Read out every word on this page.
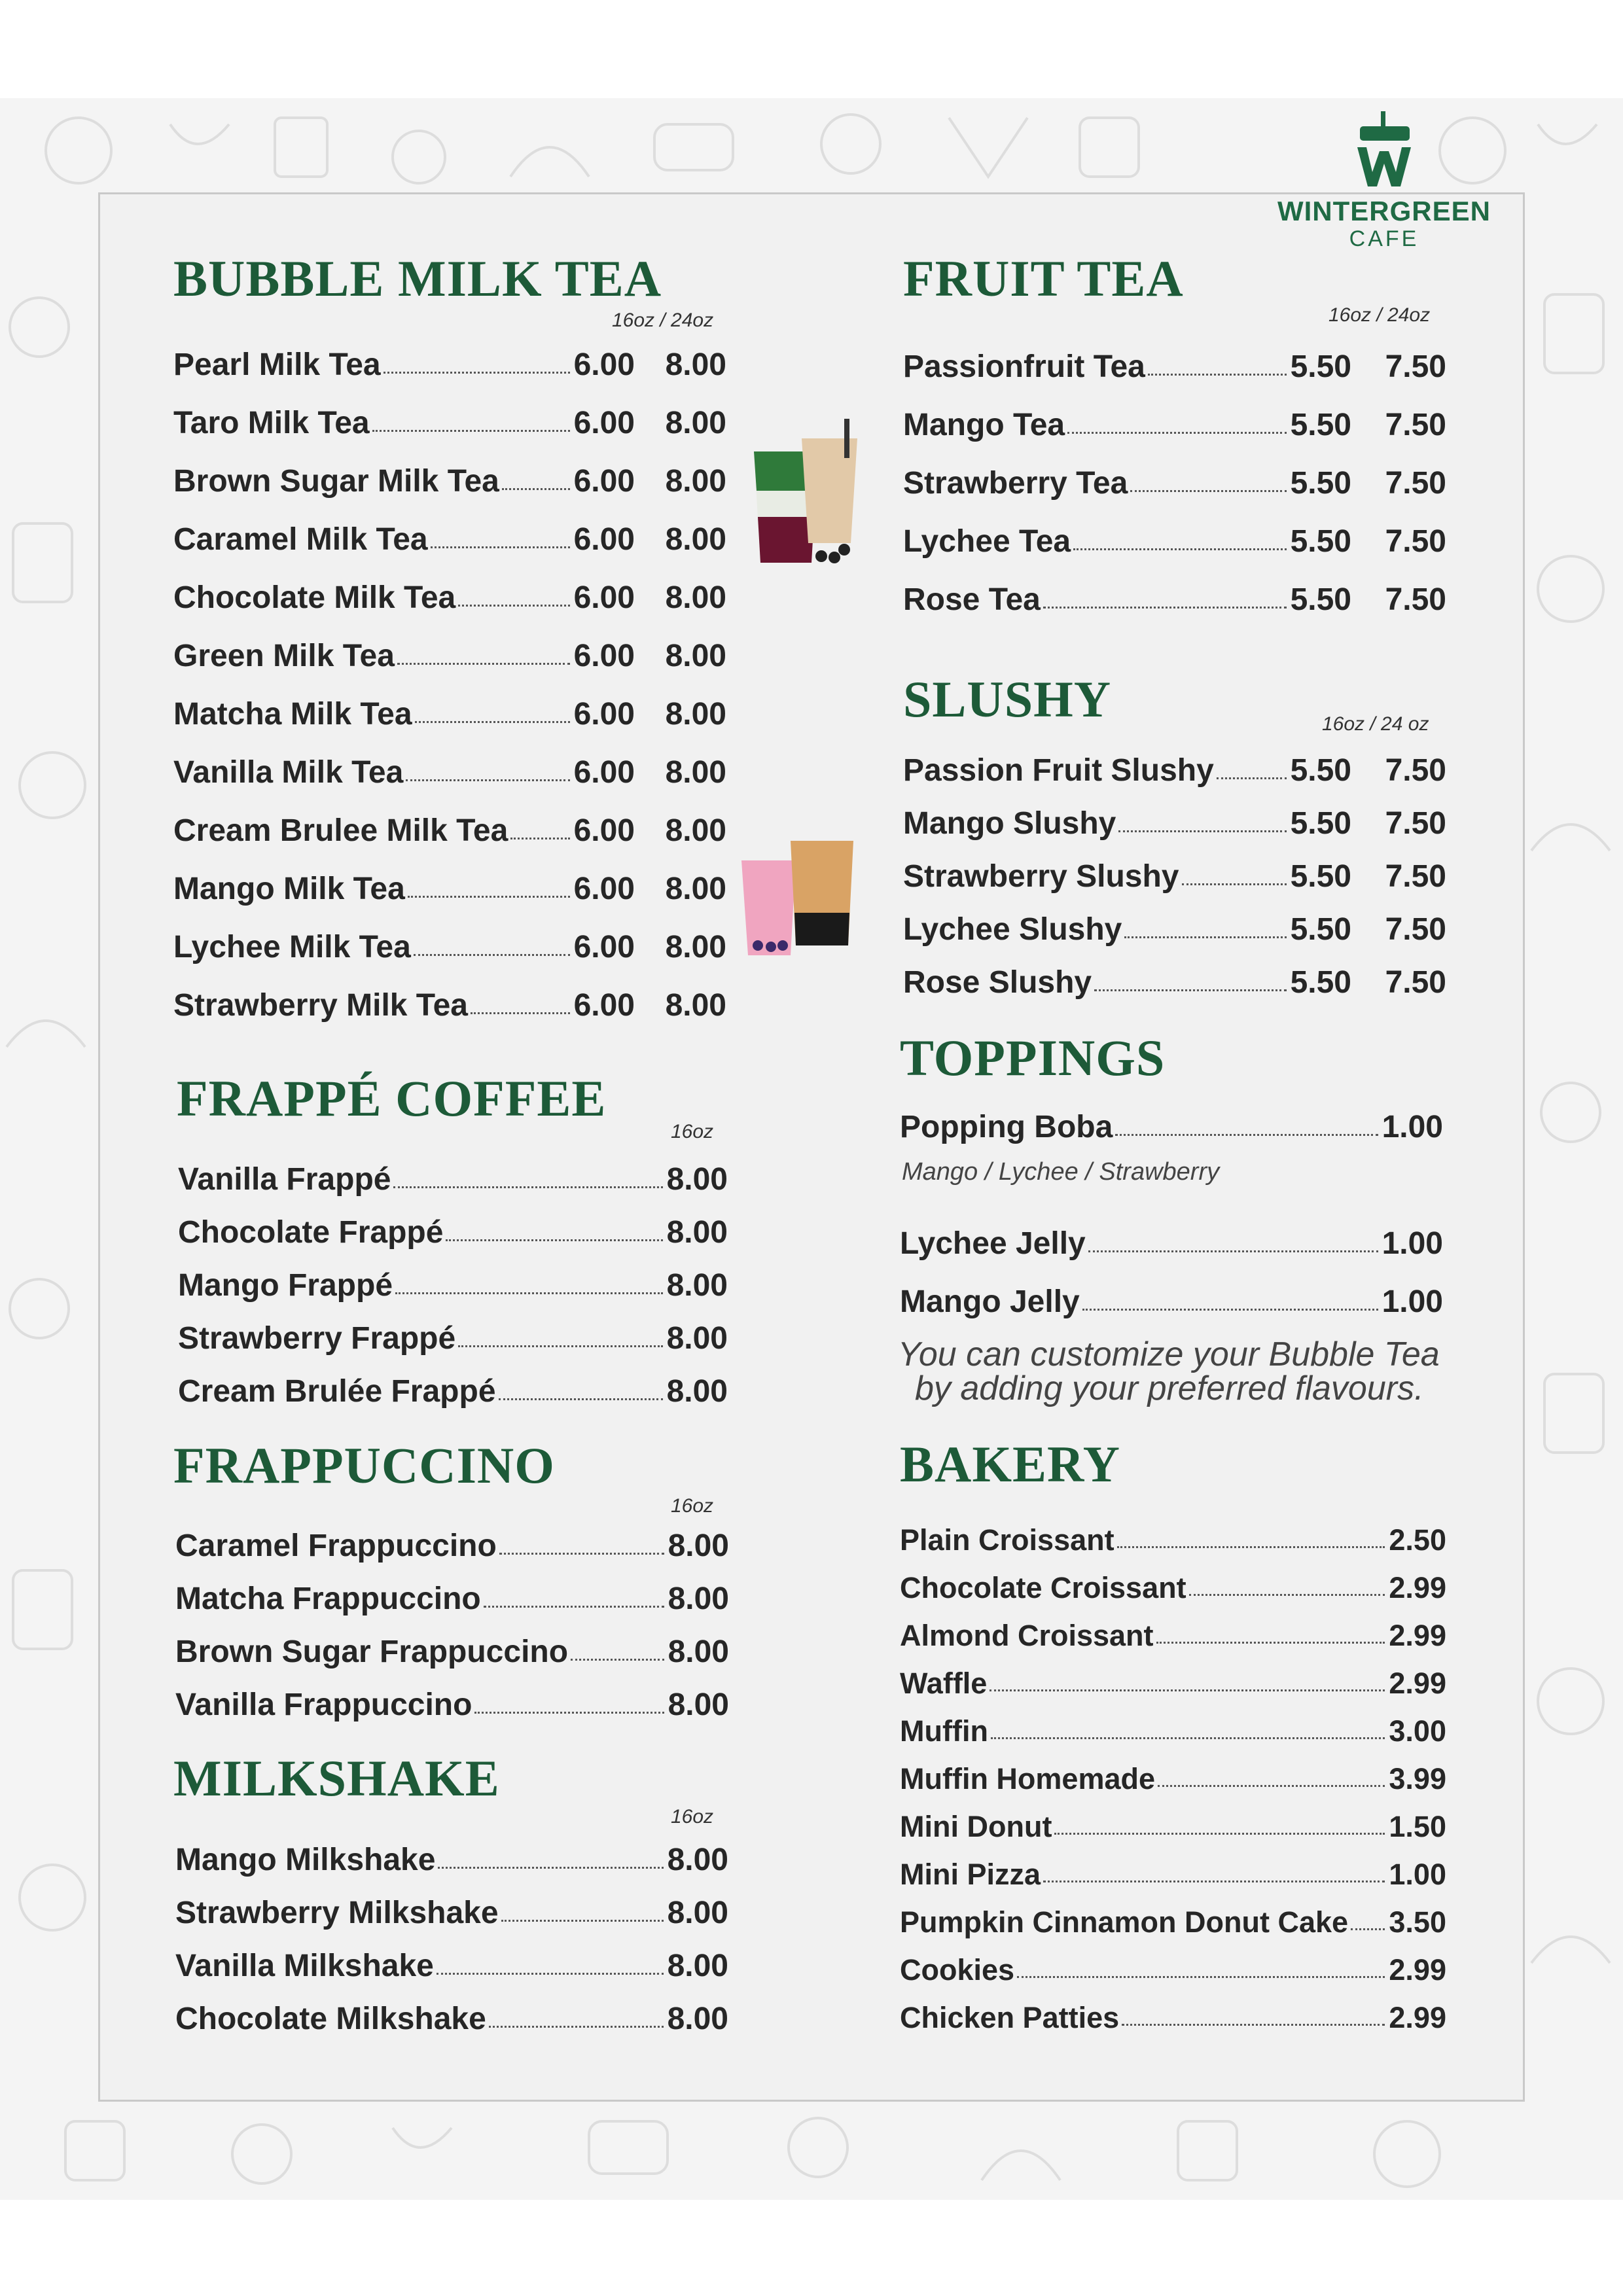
WINTERGREEN
CAFE
BUBBLE MILK TEA
16oz / 24oz
Pearl Milk Tea	6.00 8.00
Taro Milk Tea	6.00 8.00
Brown Sugar Milk Tea 6.00 8.00
Caramel Milk Tea	6.00 8.00
Chocolate Milk Tea	6.00 8.00
Green Milk Tea	6.00 8.00
Matcha Milk Tea	6.00 8.00
Vanilla Milk Tea	6.00 8.00
Cream Brulee Milk Tea 6.00 8.00
Mango Milk Tea	6.00 8.00
Lychee Milk Tea	6.00 8.00
Strawberry Milk Tea	6.00 8.00
FRAPPÉ COFFEE
16oz
Vanilla Frappé	8.00
Chocolate Frappé	8.00
Mango Frappé	8.00
Strawberry Frappé	8.00
Cream Brulée Frappé	8.00
FRAPPUCCINO
16oz
Caramel Frappuccino	8.00
Matcha Frappuccino	8.00
Brown Sugar Frappuccino	8.00
Vanilla Frappuccino	8.00
MILKSHAKE
16oz
Mango Milkshake	8.00
Strawberry Milkshake	8.00
Vanilla Milkshake	8.00
Chocolate Milkshake	8.00
FRUIT TEA
16oz / 24oz
Passionfruit Tea	5.50	7.50
Mango Tea	5.50	7.50
Strawberry Tea	5.50	7.50
Lychee Tea	5.50	7.50
Rose Tea	5.50	7.50
SLUSHY	16oz / 24 oz
Passion Fruit Slushy 5.50	7.50
Mango Slushy	5.50	7.50
Strawberry Slushy	5.50	7.50
Lychee Slushy	5.50	7.50
Rose Slushy	5.50	7.50
TOPPINGS
Popping Boba	1.00
Lychee Jelly	1.00
Mango Jelly	1.00
Mango / Lychee / Strawberry
You can customize your Bubble Tea
by adding your preferred flavours.
BAKERY
Plain Croissant	2.50
Chocolate Croissant	2.99
Almond Croissant	2.99
Waffle	2.99
Muffin	3.00
Muffin Homemade	3.99
Mini Donut	1.50
Mini Pizza	1.00
Pumpkin Cinnamon Donut Cake 3.50
Cookies	2.99
Chicken Patties	2.99
